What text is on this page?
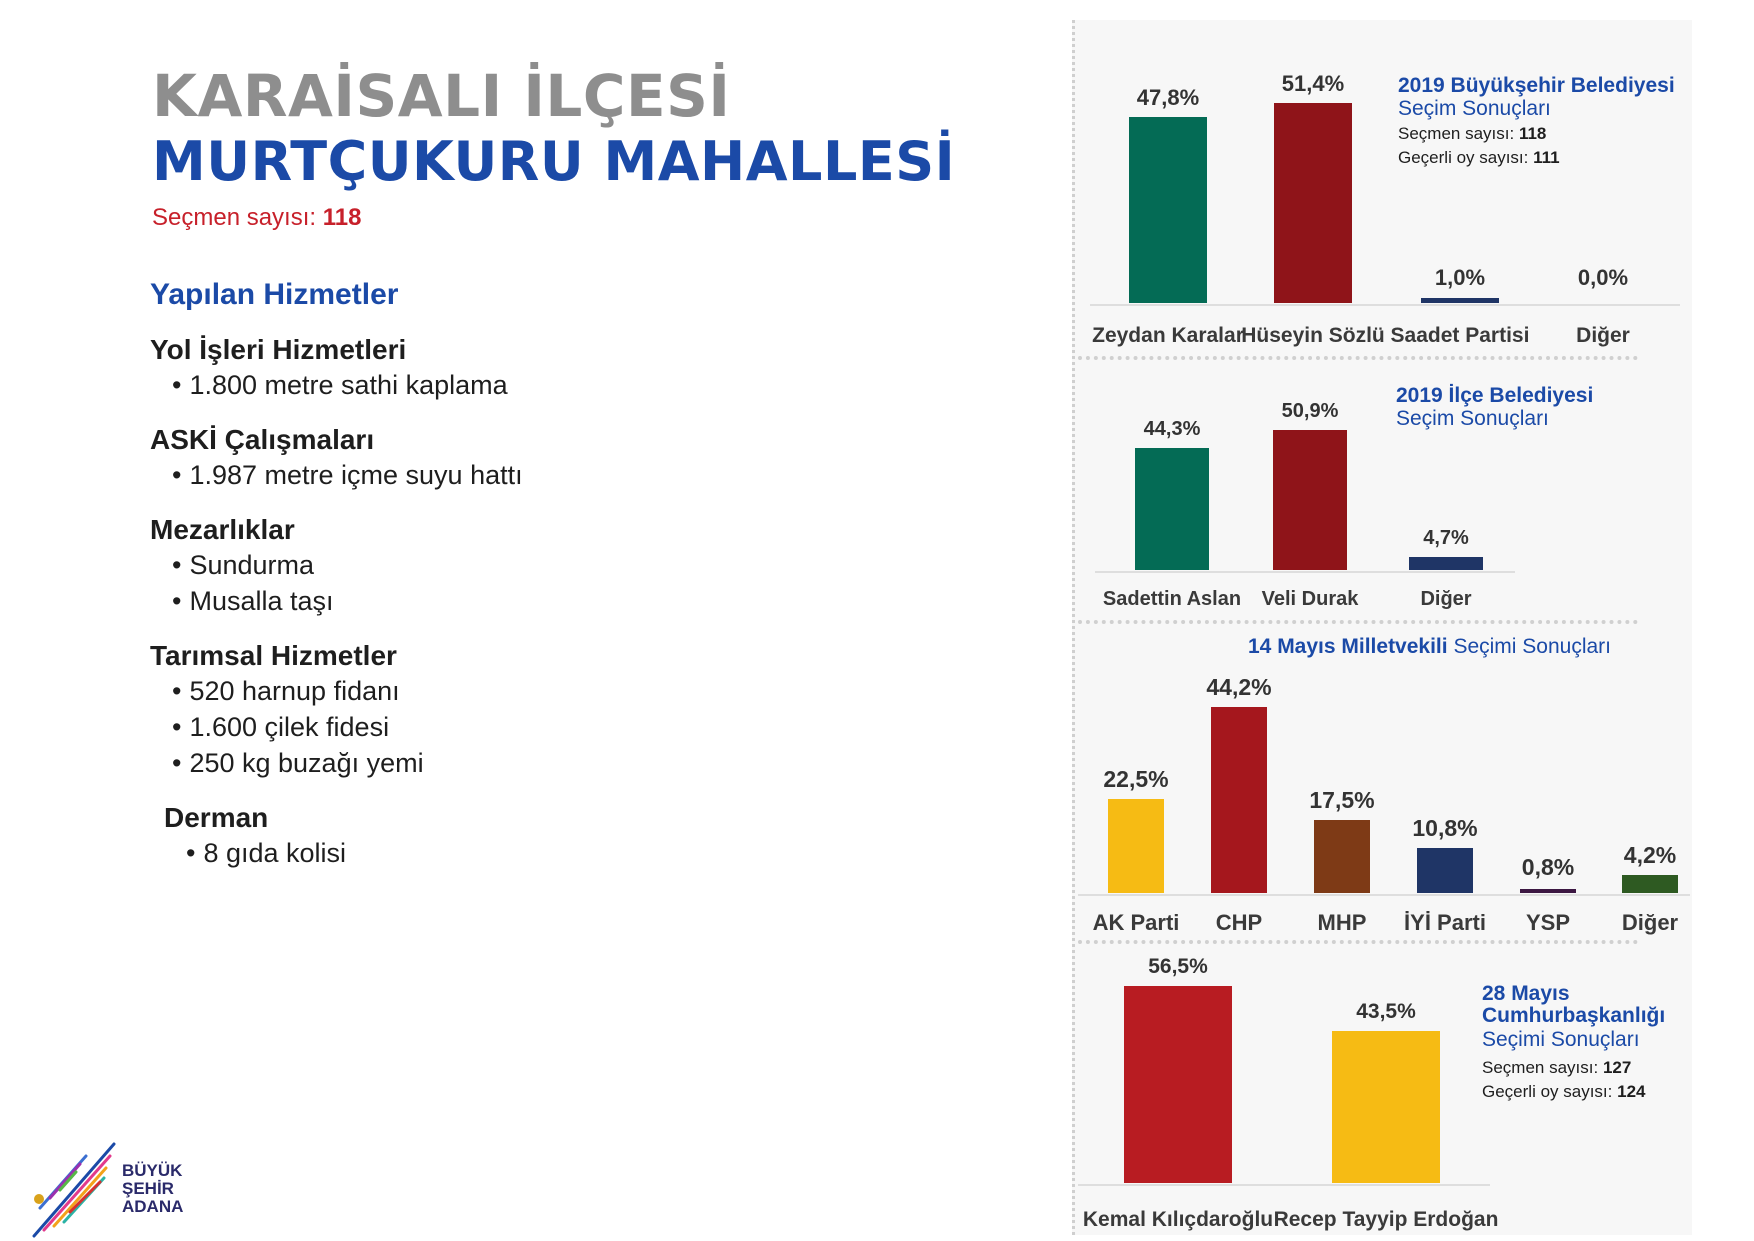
KARAİSALI İLÇESİ
MURTÇUKURU MAHALLESİ
Seçmen sayısı: 118
Yapılan Hizmetler
Yol İşleri Hizmetleri
• 1.800 metre sathi kaplama
ASKİ Çalışmaları
• 1.987 metre içme suyu hattı
Mezarlıklar
• Sundurma
• Musalla taşı
Tarımsal Hizmetler
• 520 harnup fidanı
• 1.600 çilek fidesi
• 250 kg buzağı yemi
Derman
• 8 gıda kolisi
BÜYÜK
ŞEHİR
ADANA
2019 Büyükşehir Belediyesi
Seçim Sonuçları
Seçmen sayısı: 118
Geçerli oy sayısı: 111
2019 İlçe Belediyesi
Seçim Sonuçları
14 Mayıs Milletvekili Seçimi Sonuçları
28 Mayıs
Cumhurbaşkanlığı
Seçimi Sonuçları
Seçmen sayısı: 127
Geçerli oy sayısı: 124
47,8%
Zeydan Karalar
51,4%
Hüseyin Sözlü
1,0%
Saadet Partisi
0,0%
Diğer
44,3%
Sadettin Aslan
50,9%
Veli Durak
4,7%
Diğer
22,5%
AK Parti
44,2%
CHP
17,5%
MHP
10,8%
İYİ Parti
0,8%
YSP
4,2%
Diğer
56,5%
Kemal Kılıçdaroğlu
43,5%
Recep Tayyip Erdoğan
